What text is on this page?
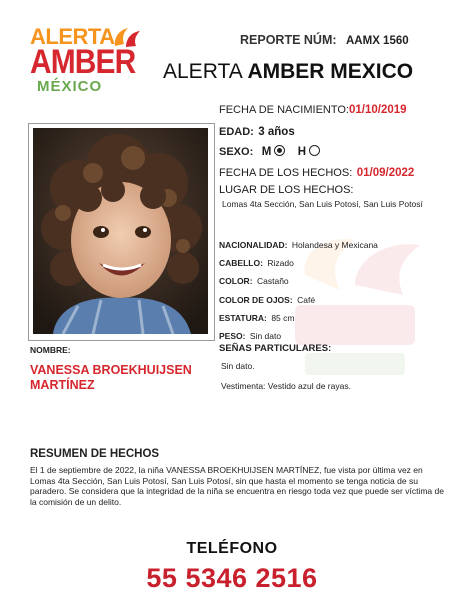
ALERTA
AMBER
MÉXICO
REPORTE NÚM: AAMX 1560
ALERTA AMBER MEXICO
NOMBRE:
VANESSA BROEKHUIJSEN
MARTÍNEZ
FECHA DE NACIMIENTO:01/10/2019
EDAD: 3 años
SEXO: M H
FECHA DE LOS HECHOS: 01/09/2022
LUGAR DE LOS HECHOS:
Lomas 4ta Sección, San Luis Potosí, San Luis Potosí
NACIONALIDAD: Holandesa y Mexicana
CABELLO: Rizado
COLOR: Castaño
COLOR DE OJOS: Café
ESTATURA: 85 cm
PESO: Sin dato
SEÑAS PARTICULARES:
Sin dato.
Vestimenta: Vestido azul de rayas.
RESUMEN DE HECHOS
El 1 de septiembre de 2022, la niña VANESSA BROEKHUIJSEN MARTÍNEZ, fue vista por última vez en Lomas 4ta Sección, San Luis Potosí, San Luis Potosí, sin que hasta el momento se tenga noticia de su paradero. Se considera que la integridad de la niña se encuentra en riesgo toda vez que puede ser víctima de la comisión de un delito.
TELÉFONO
55 5346 2516
